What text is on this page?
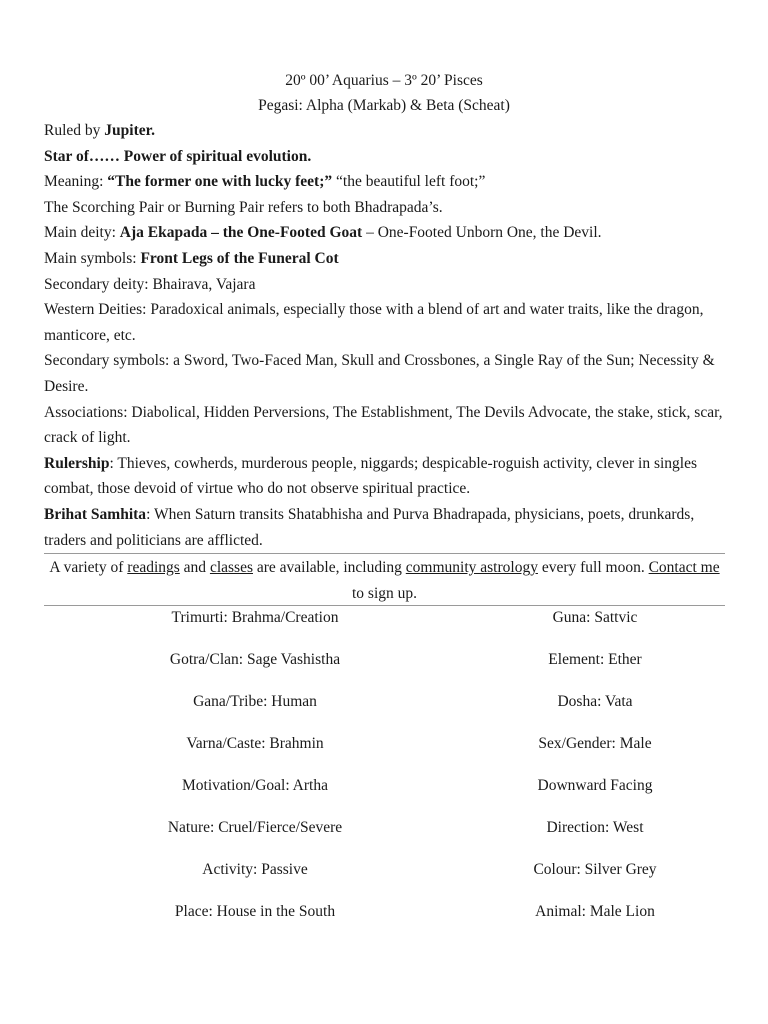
20º 00’ Aquarius – 3º 20’ Pisces
Pegasi: Alpha (Markab) & Beta (Scheat)

Ruled by Jupiter.

Star of…… Power of spiritual evolution.

Meaning: “The former one with lucky feet;” “the beautiful left foot;”

The Scorching Pair or Burning Pair refers to both Bhadrapada’s.

Main deity: Aja Ekapada – the One-Footed Goat – One-Footed Unborn One, the Devil.

Main symbols: Front Legs of the Funeral Cot

Secondary deity: Bhairava, Vajara

Western Deities: Paradoxical animals, especially those with a blend of art and water traits, like the dragon, manticore, etc.

Secondary symbols: a Sword, Two-Faced Man, Skull and Crossbones, a Single Ray of the Sun; Necessity & Desire.

Associations: Diabolical, Hidden Perversions, The Establishment, The Devils Advocate, the stake, stick, scar, crack of light.

Rulership: Thieves, cowherds, murderous people, niggards; despicable-roguish activity, clever in singles combat, those devoid of virtue who do not observe spiritual practice.

Brihat Samhita: When Saturn transits Shatabhisha and Purva Bhadrapada, physicians, poets, drunkards, traders and politicians are afflicted.

A variety of readings and classes are available, including community astrology every full moon. Contact me to sign up.
Trimurti: Brahma/Creation	Guna: Sattvic
Gotra/Clan: Sage Vashistha	Element: Ether
Gana/Tribe: Human	Dosha: Vata
Varna/Caste: Brahmin	Sex/Gender: Male
Motivation/Goal: Artha	Downward Facing
Nature: Cruel/Fierce/Severe	Direction: West
Activity: Passive	Colour: Silver Grey
Place: House in the South	Animal: Male Lion
